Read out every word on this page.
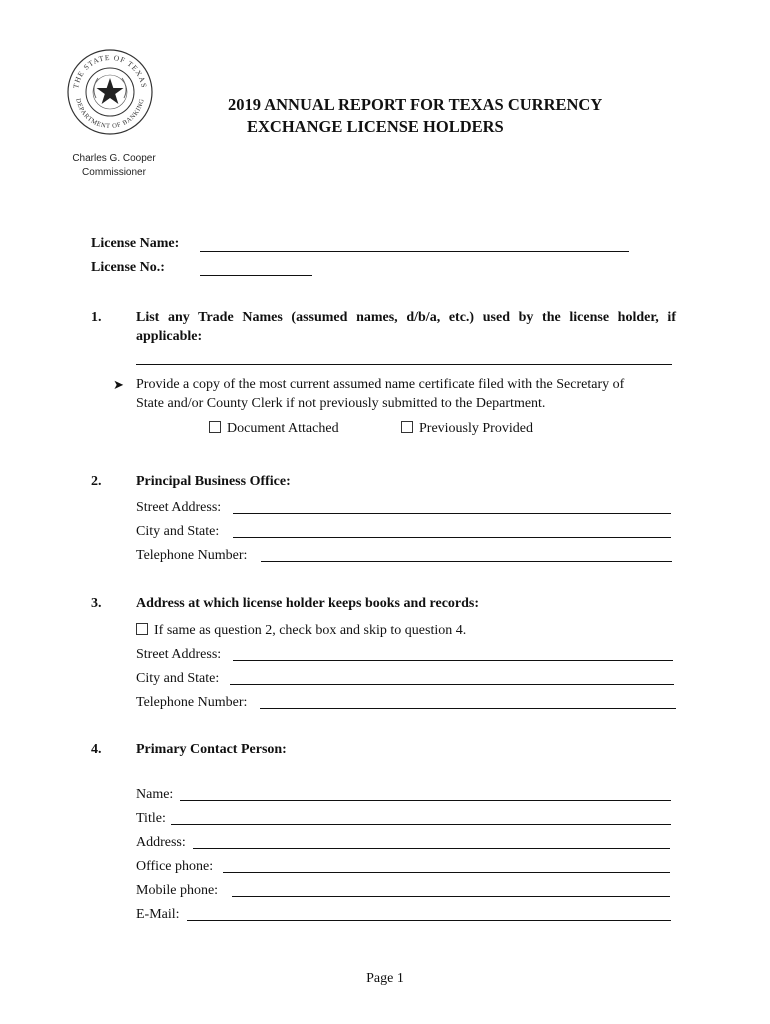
THE STATE OF TEXAS
DEPARTMENT OF BANKING
Charles G. Cooper
Commissioner
2019 ANNUAL REPORT FOR TEXAS CURRENCY
EXCHANGE LICENSE HOLDERS
License Name:
License No.:
1. List any Trade Names (assumed names, d/b/a, etc.) used by the license holder, if
applicable:
➤ Provide a copy of the most current assumed name certificate filed with the Secretary of
State and/or County Clerk if not previously submitted to the Department.
Document Attached	Previously Provided
2. Principal Business Office:
Street Address:
City and State:
Telephone Number:
3. Address at which license holder keeps books and records:
If same as question 2, check box and skip to question 4.
Street Address:
City and State:
Telephone Number:
4. Primary Contact Person:
Name:
Title:
Address:
Office phone:
Mobile phone:
E-Mail:
Page 1
